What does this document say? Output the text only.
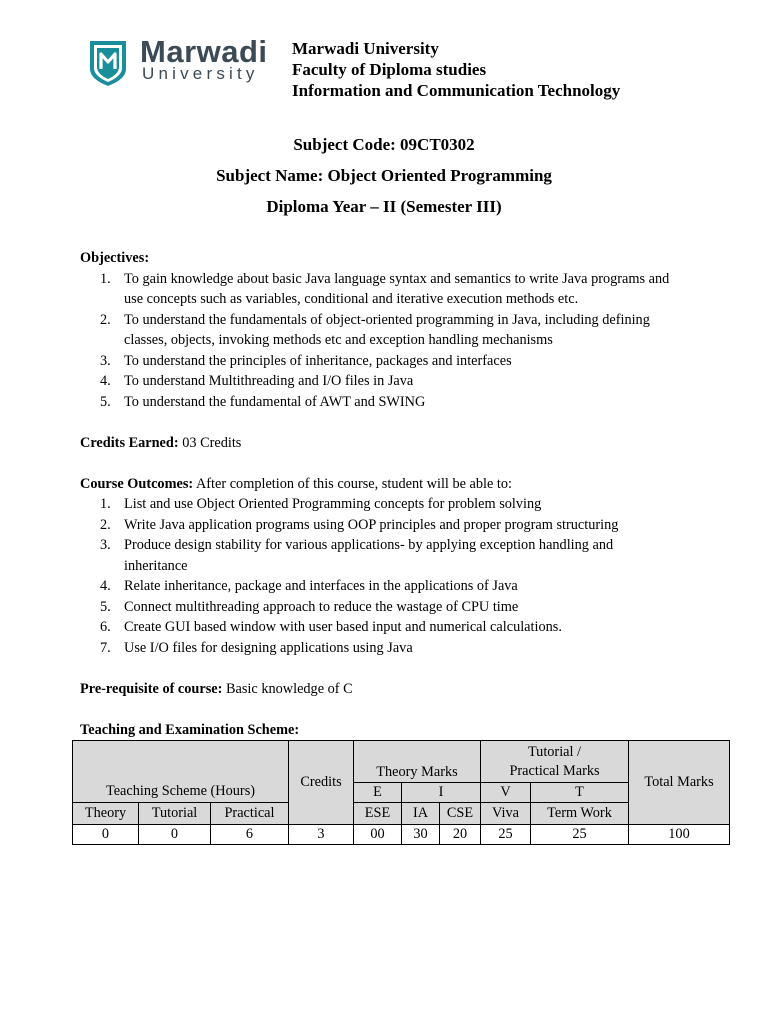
Marwadi
University
Marwadi University
Faculty of Diploma studies
Information and Communication Technology
Subject Code: 09CT0302
Subject Name: Object Oriented Programming
Diploma Year – II (Semester III)
Objectives:
1. To gain knowledge about basic Java language syntax and semantics to write Java programs and
use concepts such as variables, conditional and iterative execution methods etc.
2. To understand the fundamentals of object-oriented programming in Java, including defining
classes, objects, invoking methods etc and exception handling mechanisms
3. To understand the principles of inheritance, packages and interfaces
4. To understand Multithreading and I/O files in Java
5. To understand the fundamental of AWT and SWING
Credits Earned: 03 Credits
Course Outcomes: After completion of this course, student will be able to:
1. List and use Object Oriented Programming concepts for problem solving
2. Write Java application programs using OOP principles and proper program structuring
3. Produce design stability for various applications- by applying exception handling and
inheritance
4. Relate inheritance, package and interfaces in the applications of Java
5. Connect multithreading approach to reduce the wastage of CPU time
6. Create GUI based window with user based input and numerical calculations.
7. Use I/O files for designing applications using Java
Pre-requisite of course: Basic knowledge of C
Teaching and Examination Scheme:
Teaching Scheme (Hours)			Credits	Theory Marks			Tutorial /
Practical Marks		Total Marks
				E	I		V	T	
Theory	Tutorial	Practical		ESE	IA	CSE	Viva	Term Work	
0	0	6	3	00	30	20	25	25	100
